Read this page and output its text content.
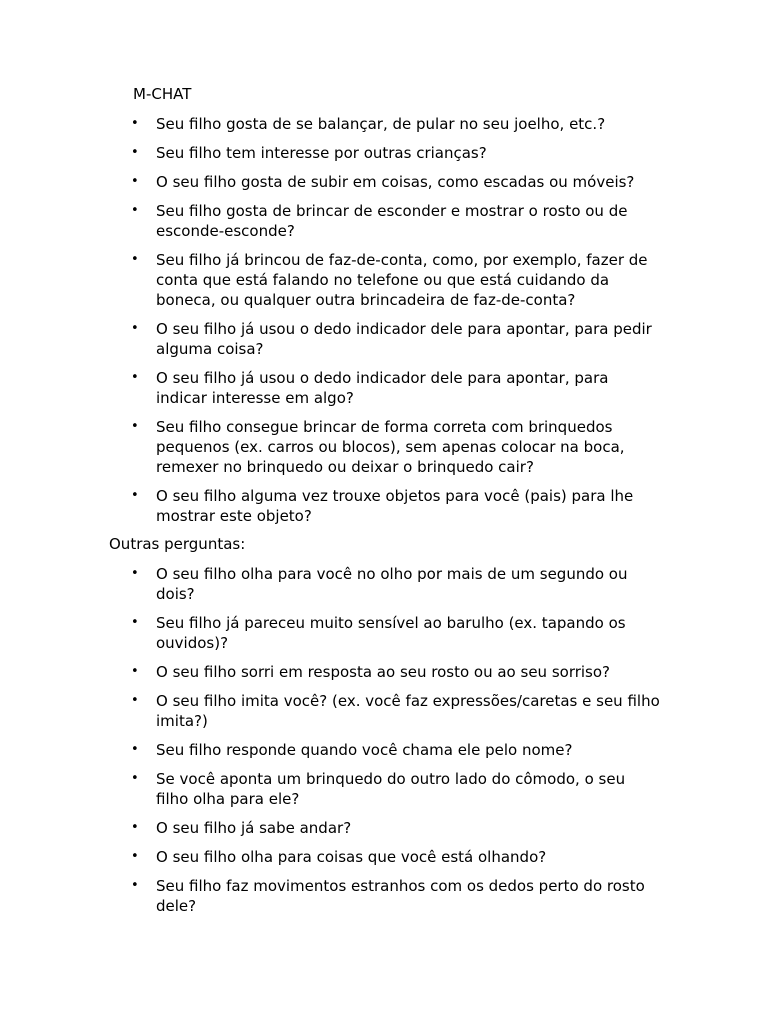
M-CHAT
• Seu filho gosta de se balançar, de pular no seu joelho, etc.?
• Seu filho tem interesse por outras crianças?
• O seu filho gosta de subir em coisas, como escadas ou móveis?
• Seu filho gosta de brincar de esconder e mostrar o rosto ou de esconde-esconde?
• Seu filho já brincou de faz-de-conta, como, por exemplo, fazer de conta que está falando no telefone ou que está cuidando da boneca, ou qualquer outra brincadeira de faz-de-conta?
• O seu filho já usou o dedo indicador dele para apontar, para pedir alguma coisa?
• O seu filho já usou o dedo indicador dele para apontar, para indicar interesse em algo?
• Seu filho consegue brincar de forma correta com brinquedos pequenos (ex. carros ou blocos), sem apenas colocar na boca, remexer no brinquedo ou deixar o brinquedo cair?
• O seu filho alguma vez trouxe objetos para você (pais) para lhe mostrar este objeto?

Outras perguntas:

• O seu filho olha para você no olho por mais de um segundo ou dois?
• Seu filho já pareceu muito sensível ao barulho (ex. tapando os ouvidos)?
• O seu filho sorri em resposta ao seu rosto ou ao seu sorriso?
• O seu filho imita você? (ex. você faz expressões/caretas e seu filho imita?)
• Seu filho responde quando você chama ele pelo nome?
• Se você aponta um brinquedo do outro lado do cômodo, o seu filho olha para ele?
• O seu filho já sabe andar?
• O seu filho olha para coisas que você está olhando?
• Seu filho faz movimentos estranhos com os dedos perto do rosto dele?
